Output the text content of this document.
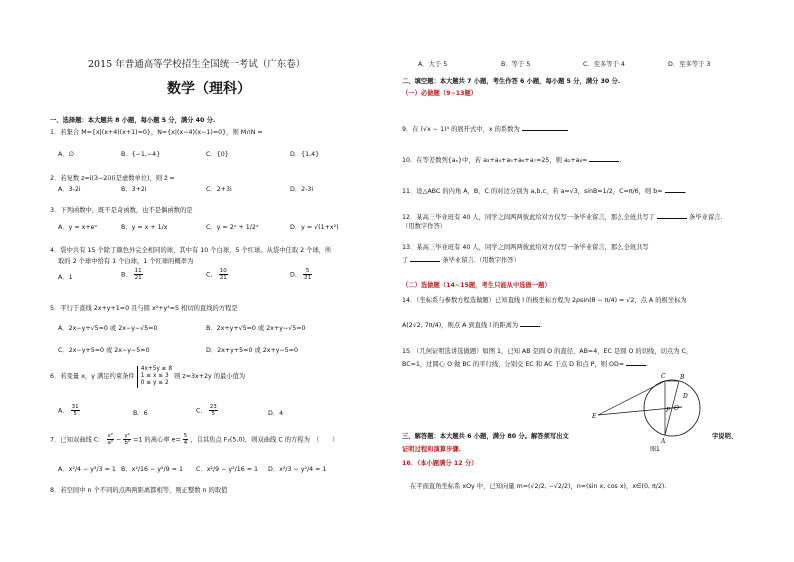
2015 年普通高等学校招生全国统一考试（广东卷）
数学（理科）
一、选择题：本大题共 8 小题，每小题 5 分，满分 40 分.
1．若集合 M={x|(x+4)(x+1)=0}，N={x|(x−4)(x−1)=0}，则 M∩N =
A．∅	B．{−1,−4}	C．{0}	D．{1,4}
2．若复数 z=i(3−2i)(i是虚数单位)，则 z̄ =
A．3-2i	B．3+2i	C．2+3i	D．2-3i
3．下列函数中，既不是奇函数，也不是偶函数的是
A．y = x+eˣ	B．y = x + 1/x	C．y = 2ˣ + 1/2ˣ	D．y = √(1+x²)
4．袋中共有 15 个除了颜色外完全相同的球，其中有 10 个白球，5 个红球。从袋中任取 2 个球，所
取的 2 个球中恰有 1 个白球，1 个红球的概率为
A．1	B． $\frac{11}{21}$	C． $\frac{10}{21}$	D． $\frac{5}{21}$
5．平行于直线 2x+y+1=0 且与圆 x²+y²=5 相切的直线的方程是
A．2x−y+√5=0 或 2x−y−√5=0	B．2x+y+√5=0 或 2x+y−√5=0
C．2x−y+5=0 或 2x−y−5=0	D．2x+y+5=0 或 2x+y−5=0
6．若变量 x，y 满足约束条件
4x+5y ≥ 8
1 ≤ x ≤ 3
0 ≤ y ≤ 2
则 z=3x+2y 的最小值为
A． $\frac{31}{5}$	B．6	C． $\frac{23}{5}$	D．4
7．已知双曲线 C： $\frac{\text{x²}}{\text{a²}} - \frac{\text{y²}}{\text{b²}} =1$ 的离心率 $e= \frac{5}{4}$ ，且其焦点 F₂(5,0)，则双曲线 C 的方程为　（　　）
A．x²/4 − y²/3 = 1 B．x²/16 − y²/9 = 1 C．x²/9 − y²/16 = 1 D．x²/3 − y²/4 = 1
8．若空间中 n 个不同的点两两距离都相等，则正整数 n 的取值
A．大于 5	B．等于 5	C．至多等于 4	D．至多等于 3
二、填空题：本大题共 7 小题，考生作答 6 小题，每小题 5 分，满分 30 分.
（一）必做题（9~13题）
9．在 (√x − 1)⁴ 的展开式中，x 的系数为
10．在等差数列{aₙ}中，若 a₃+a₄+a₅+a₆+a₇=25，则 a₂+a₈=	.
11．设△ABC 的内角 A，B，C 的对边分别为 a,b,c，若 a=√3，sinB=1/2，C=π/6，则 b=	.
12．某高三毕业班有 40 人，同学之间两两彼此给对方仅写一条毕业留言，那么全班共写了	条毕业留言.
（用数字作答）
13．某高三毕业班有 40 人，同学之间两两彼此给对方仅写一条毕业留言，那么全班共写
了	条毕业留言.（用数字作答）
（二）选做题（14~15题，考生只能从中选做一题）
14．（坐标系与参数方程选做题）已知直线 l 的极坐标方程为 2ρsin(θ − π/4) = √2，点 A 的极坐标为
A(2√2, 7π/4)，则点 A 到直线 l 的距离为	.
15．（几何证明选讲选做题）如图 1，已知 AB 是圆 O 的直径，AB=4，EC 是圆 O 的切线，切点为 C，
BC=1，过圆心 O 做 BC 的平行线，分别交 EC 和 AC 于点 D 和点 P，则 OD=	.
C B
D
O
P
E
A
图1
三、解答题：本大题共 6 小题，满分 80 分。解答须写出文	字说明、
证明过程和演算步骤.
16．（本小题满分 12 分）
在平面直角坐标系 xOy 中，已知向量 m=(√2/2, −√2/2)，n=(sin x, cos x)，x∈(0, π/2).
